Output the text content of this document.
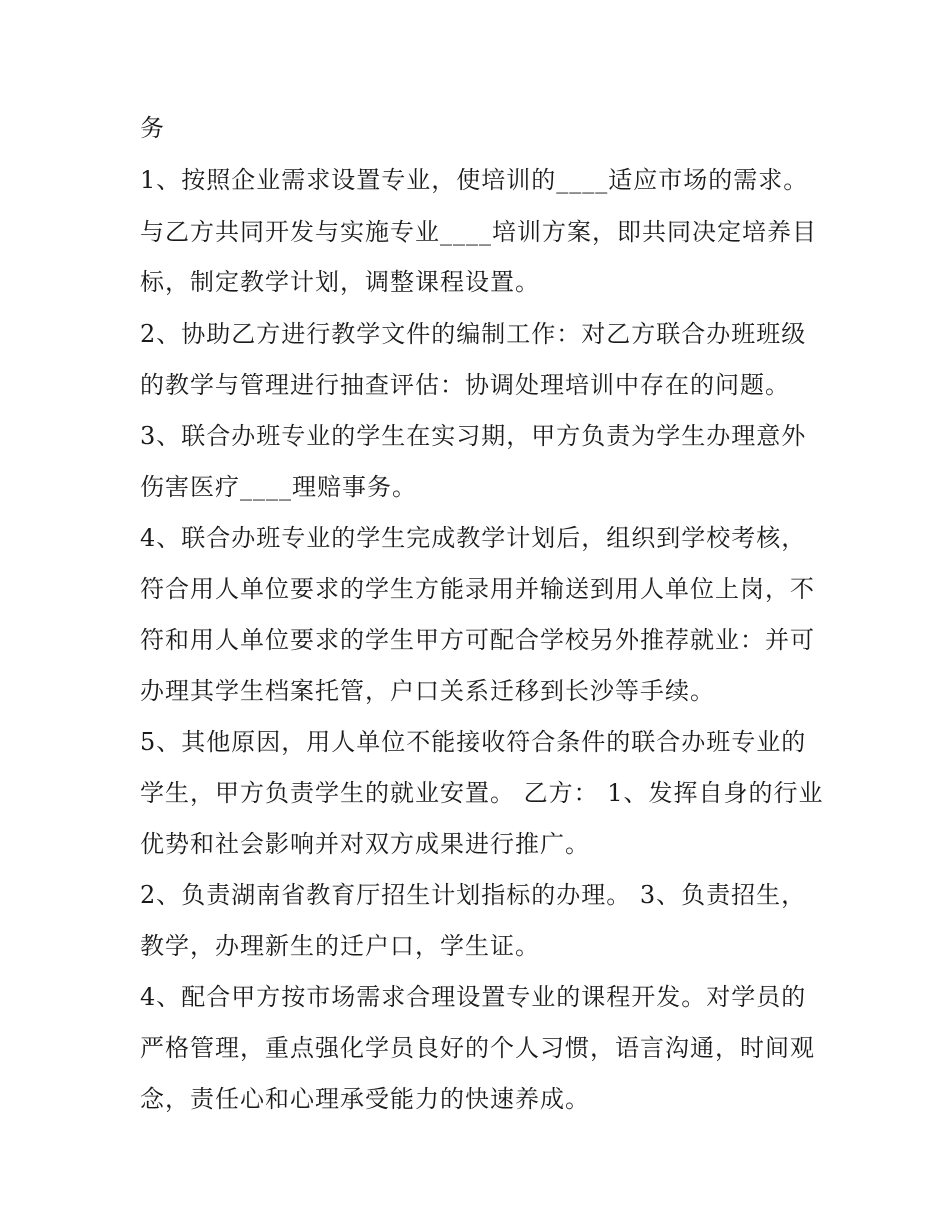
务

1、按照企业需求设置专业，使培训的____适应市场的需求。

与乙方共同开发与实施专业____培训方案，即共同决定培养目

标，制定教学计划，调整课程设置。

2、协助乙方进行教学文件的编制工作：对乙方联合办班班级

的教学与管理进行抽查评估：协调处理培训中存在的问题。

3、联合办班专业的学生在实习期，甲方负责为学生办理意外

伤害医疗____理赔事务。

4、联合办班专业的学生完成教学计划后，组织到学校考核，

符合用人单位要求的学生方能录用并输送到用人单位上岗，不

符和用人单位要求的学生甲方可配合学校另外推荐就业：并可

办理其学生档案托管，户口关系迁移到长沙等手续。

5、其他原因，用人单位不能接收符合条件的联合办班专业的

学生，甲方负责学生的就业安置。 乙方： 1、发挥自身的行业

优势和社会影响并对双方成果进行推广。

2、负责湖南省教育厅招生计划指标的办理。 3、负责招生，

教学，办理新生的迁户口，学生证。

4、配合甲方按市场需求合理设置专业的课程开发。对学员的

严格管理，重点强化学员良好的个人习惯，语言沟通，时间观

念，责任心和心理承受能力的快速养成。
